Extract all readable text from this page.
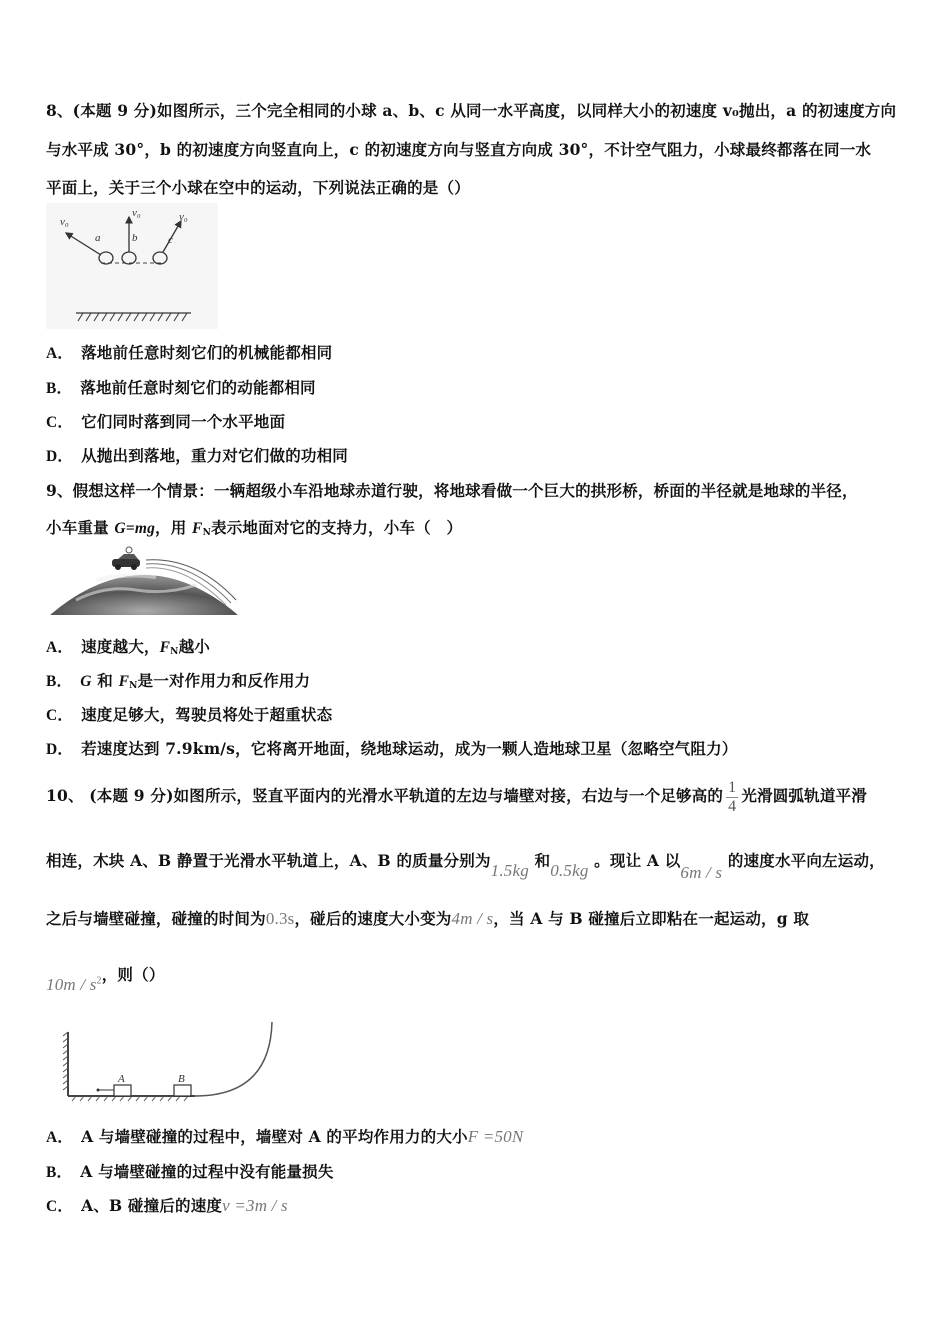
8、(本题 9 分)如图所示，三个完全相同的小球 a、b、c 从同一水平高度，以同样大小的初速度 v₀抛出，a 的初速度方向
与水平成 30°，b 的初速度方向竖直向上，c 的初速度方向与竖直方向成 30°，不计空气阻力，小球最终都落在同一水
平面上，关于三个小球在空中的运动，下列说法正确的是（）
v₀
a
v₀
b
v₀
c
A． 落地前任意时刻它们的机械能都相同
B． 落地前任意时刻它们的动能都相同
C． 它们同时落到同一个水平地面
D． 从抛出到落地，重力对它们做的功相同
9、假想这样一个情景：一辆超级小车沿地球赤道行驶，将地球看做一个巨大的拱形桥，桥面的半径就是地球的半径，
小车重量 G=mg，用 $F_N$表示地面对它的支持力，小车（　）
A． 速度越大，$F_N$越小
B． G 和 $F_N$是一对作用力和反作用力
C． 速度足够大，驾驶员将处于超重状态
D． 若速度达到 7.9km/s，它将离开地面，绕地球运动，成为一颗人造地球卫星（忽略空气阻力）
10、 (本题 9 分)如图所示，竖直平面内的光滑水平轨道的左边与墙壁对接，右边与一个足够高的 $\frac{1}{4}$ 光滑圆弧轨道平滑
相连，木块 A、B 静置于光滑水平轨道上，A、B 的质量分别为1.5kg 和0.5kg 。现让 A 以6m / s 的速度水平向左运动，
之后与墙壁碰撞，碰撞的时间为0.3s，碰后的速度大小变为4m / s，当 A 与 B 碰撞后立即粘在一起运动，g 取
$10m / s^2$，则（）
A	B
A． A 与墙壁碰撞的过程中，墙壁对 A 的平均作用力的大小F =50N
B． A 与墙壁碰撞的过程中没有能量损失
C． A、B 碰撞后的速度v =3m / s
